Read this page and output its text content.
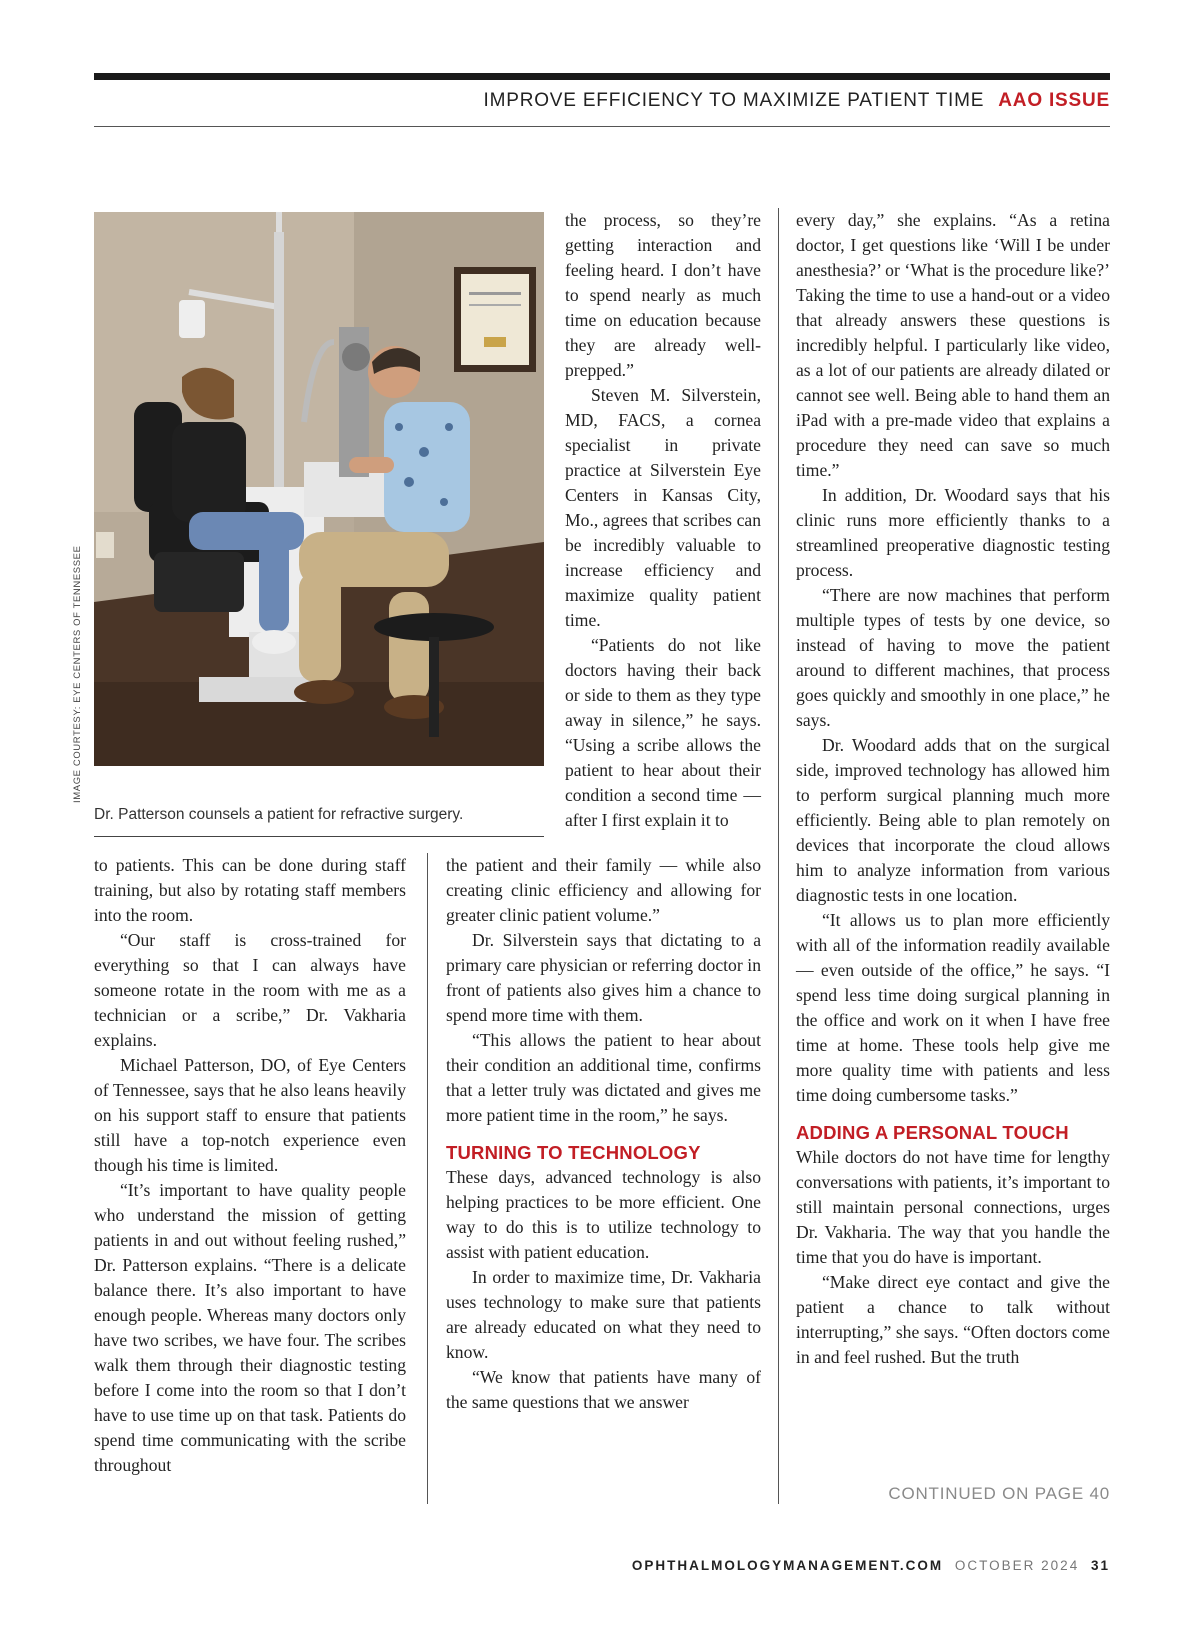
IMPROVE EFFICIENCY TO MAXIMIZE PATIENT TIME AAO ISSUE
IMAGE COURTESY: EYE CENTERS OF TENNESSEE
Dr. Patterson counsels a patient for refractive surgery.

to patients. This can be done during staff training, but also by rotating staff members into the room.

“Our staff is cross-trained for everything so that I can always have someone rotate in the room with me as a technician or a scribe,” Dr. Vakharia explains.

Michael Patterson, DO, of Eye Centers of Tennessee, says that he also leans heavily on his support staff to ensure that patients still have a top-notch experience even though his time is limited.

“It’s important to have quality people who understand the mission of getting patients in and out without feeling rushed,” Dr. Patterson explains. “There is a delicate balance there. It’s also important to have enough people. Whereas many doctors only have two scribes, we have four. The scribes walk them through their diagnostic testing before I come into the room so that I don’t have to use time up on that task. Patients do spend time communicating with the scribe throughout

the process, so they’re getting interaction and feeling heard. I don’t have to spend nearly as much time on education because they are already well-prepped.”

Steven M. Silverstein, MD, FACS, a cornea specialist in private practice at Silverstein Eye Centers in Kansas City, Mo., agrees that scribes can be incredibly valuable to increase efficiency and maximize quality patient time.

“Patients do not like doctors having their back or side to them as they type away in silence,” he says. “Using a scribe allows the patient to hear about their condition a second time — after I first explain it to

the patient and their family — while also creating clinic efficiency and allowing for greater clinic patient volume.”

Dr. Silverstein says that dictating to a primary care physician or referring doctor in front of patients also gives him a chance to spend more time with them.

“This allows the patient to hear about their condition an additional time, confirms that a letter truly was dictated and gives me more patient time in the room,” he says.

TURNING TO TECHNOLOGY

These days, advanced technology is also helping practices to be more efficient. One way to do this is to utilize technology to assist with patient education.

In order to maximize time, Dr. Vakharia uses technology to make sure that patients are already educated on what they need to know.

“We know that patients have many of the same questions that we answer

every day,” she explains. “As a retina doctor, I get questions like ‘Will I be under anesthesia?’ or ‘What is the procedure like?’ Taking the time to use a hand-out or a video that already answers these questions is incredibly helpful. I particularly like video, as a lot of our patients are already dilated or cannot see well. Being able to hand them an iPad with a pre-made video that explains a procedure they need can save so much time.”

In addition, Dr. Woodard says that his clinic runs more efficiently thanks to a streamlined preoperative diagnostic testing process.

“There are now machines that perform multiple types of tests by one device, so instead of having to move the patient around to different machines, that process goes quickly and smoothly in one place,” he says.

Dr. Woodard adds that on the surgical side, improved technology has allowed him to perform surgical planning much more efficiently. Being able to plan remotely on devices that incorporate the cloud allows him to analyze information from various diagnostic tests in one location.

“It allows us to plan more efficiently with all of the information readily available — even outside of the office,” he says. “I spend less time doing surgical planning in the office and work on it when I have free time at home. These tools help give me more quality time with patients and less time doing cumbersome tasks.”

ADDING A PERSONAL TOUCH

While doctors do not have time for lengthy conversations with patients, it’s important to still maintain personal connections, urges Dr. Vakharia. The way that you handle the time that you do have is important.

“Make direct eye contact and give the patient a chance to talk without interrupting,” she says. “Often doctors come in and feel rushed. But the truth

CONTINUED ON PAGE 40
OPHTHALMOLOGYMANAGEMENT.COM OCTOBER 2024 31
